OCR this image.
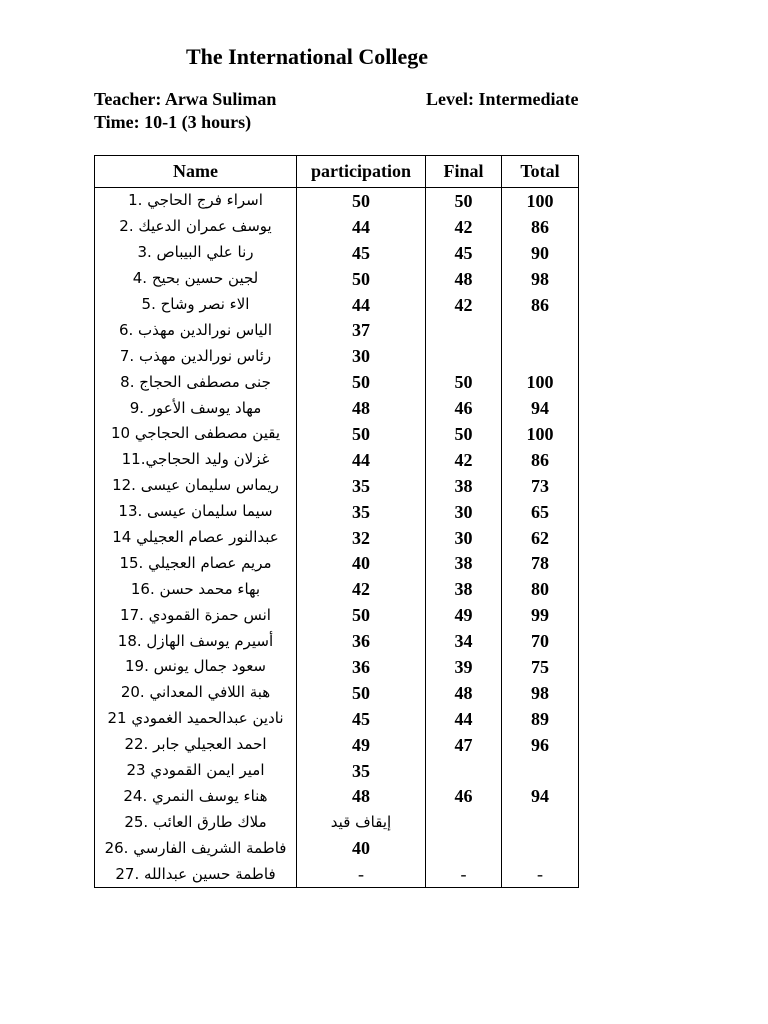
The International College
Teacher: Arwa Suliman	Level: Intermediate
Time: 10-1 (3 hours)
Name	participation	Final	Total
اسراء فرج الحاجي .1	50	50	100
يوسف عمران الدعيك .2	44	42	86
رنا علي البيباص .3	45	45	90
لجين حسين بحيح .4	50	48	98
الاء نصر وشاح .5	44	42	86
الياس نورالدين مهذب .6	37		
رئاس نورالدين مهذب .7	30		
جنى مصطفى الحجاج .8	50	50	100
مهاد يوسف الأعور .9	48	46	94
يقين مصطفى الحجاجي 10	50	50	100
غزلان وليد الحجاجي.11	44	42	86
ريماس سليمان عيسى .12	35	38	73
سيما سليمان عيسى .13	35	30	65
عبدالنور عصام العجيلي 14	32	30	62
مريم عصام العجيلي .15	40	38	78
بهاء محمد حسن .16	42	38	80
انس حمزة القمودي .17	50	49	99
أسيرم يوسف الهازل .18	36	34	70
سعود جمال يونس .19	36	39	75
هبة اللافي المعداني .20	50	48	98
نادين عبدالحميد الغمودي 21	45	44	89
احمد العجيلي جابر .22	49	47	96
امير ايمن القمودي 23	35		
هناء يوسف النمري .24	48	46	94
ملاك طارق العائب .25	إيقاف قيد		
فاطمة الشريف الفارسي .26	40		
فاطمة حسين عبدالله .27	-	-	-
